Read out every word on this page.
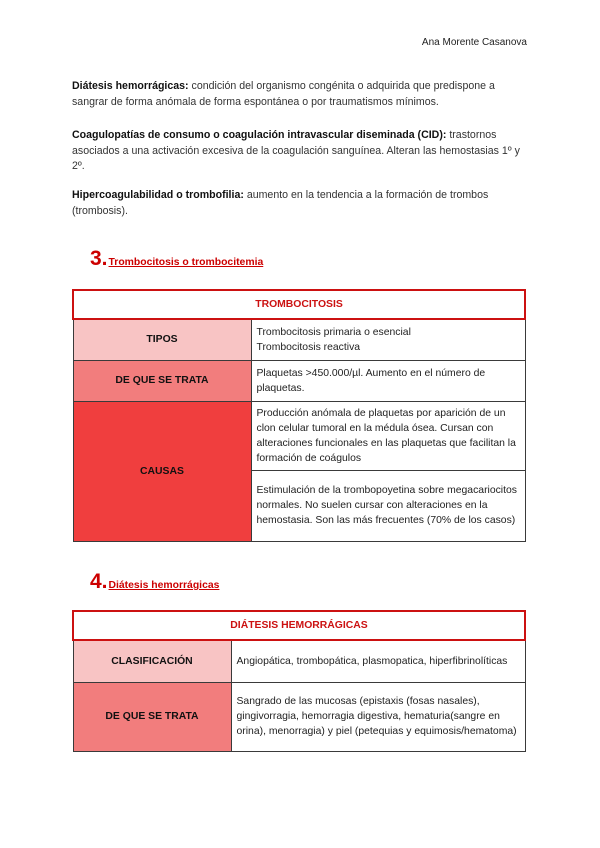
Ana Morente Casanova

Diátesis hemorrágicas: condición del organismo congénita o adquirida que predispone a sangrar de forma anómala de forma espontánea o por traumatismos mínimos.

Coagulopatías de consumo o coagulación intravascular diseminada (CID): trastornos asociados a una activación excesiva de la coagulación sanguínea. Alteran las hemostasias 1º y 2º.

Hipercoagulabilidad o trombofilia: aumento en la tendencia a la formación de trombos (trombosis).

3. Trombocitosis o trombocitemia
TROMBOCITOSIS	
TIPOS	Trombocitosis primaria o esencial
Trombocitosis reactiva

DE QUE SE TRATA	Plaquetas >450.000/µl. Aumento en el número de plaquetas.
CAUSAS	Producción anómala de plaquetas por aparición de un clon celular tumoral en la médula ósea. Cursan con alteraciones funcionales en las plaquetas que facilitan la formación de coágulos
	Estimulación de la trombopoyetina sobre megacariocitos normales. No suelen cursar con alteraciones en la hemostasia. Son las más frecuentes (70% de los casos)
4. Diátesis hemorrágicas
DIÁTESIS HEMORRÁGICAS	
CLASIFICACIÓN	Angiopática, trombopática, plasmopatica, hiperfibrinolíticas
DE QUE SE TRATA	Sangrado de las mucosas (epistaxis (fosas nasales), gingivorragia, hemorragia digestiva, hematuria(sangre en orina), menorragia) y piel (petequias y equimosis/hematoma)
